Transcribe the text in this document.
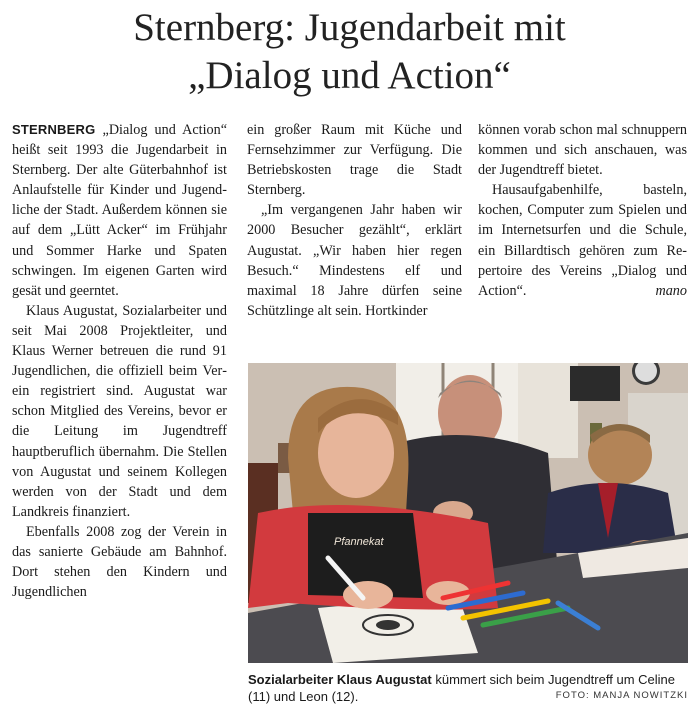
Sternberg: Jugendarbeit mit
„Dialog und Action“

STERNBERG „Dialog und Action“ heißt seit 1993 die Jugendarbeit in Sternberg. Der alte Güterbahnhof ist Anlaufstelle für Kinder und Jugendliche der Stadt. Außerdem können sie auf dem „Lütt Acker“ im Frühjahr und Sommer Harke und Spaten schwingen. Im eigenen Garten wird gesät und geerntet.

Klaus Augustat, Sozialarbeiter und seit Mai 2008 Projektleiter, und Klaus Werner betreuen die rund 91 Jugendlichen, die offiziell beim Verein registriert sind. Augustat war schon Mitglied des Vereins, bevor er die Leitung im Jugendtreff hauptberuflich übernahm. Die Stellen von Augustat und seinem Kollegen werden von der Stadt und dem Landkreis finanziert.

Ebenfalls 2008 zog der Verein in das sanierte Gebäude am Bahnhof. Dort stehen den Kindern und Jugendlichen

ein großer Raum mit Küche und Fernsehzimmer zur Verfügung. Die Betriebskosten trage die Stadt Sternberg.

„Im vergangenen Jahr haben wir 2000 Besucher gezählt“, erklärt Augustat. „Wir haben hier regen Besuch.“ Mindestens elf und maximal 18 Jahre dürfen seine Schützlinge alt sein. Hortkinder

können vorab schon mal schnuppern kommen und sich anschauen, was der Jugendtreff bietet.

Hausaufgabenhilfe, basteln, kochen, Computer zum Spielen und im Internetsurfen und die Schule, ein Billardtisch gehören zum Repertoire des Vereins „Dialog und Action“.	mano

Pfannekat
Sozialarbeiter Klaus Augustat kümmert sich beim Jugendtreff um Celine (11) und Leon (12).	FOTO: MANJA NOWITZKI
